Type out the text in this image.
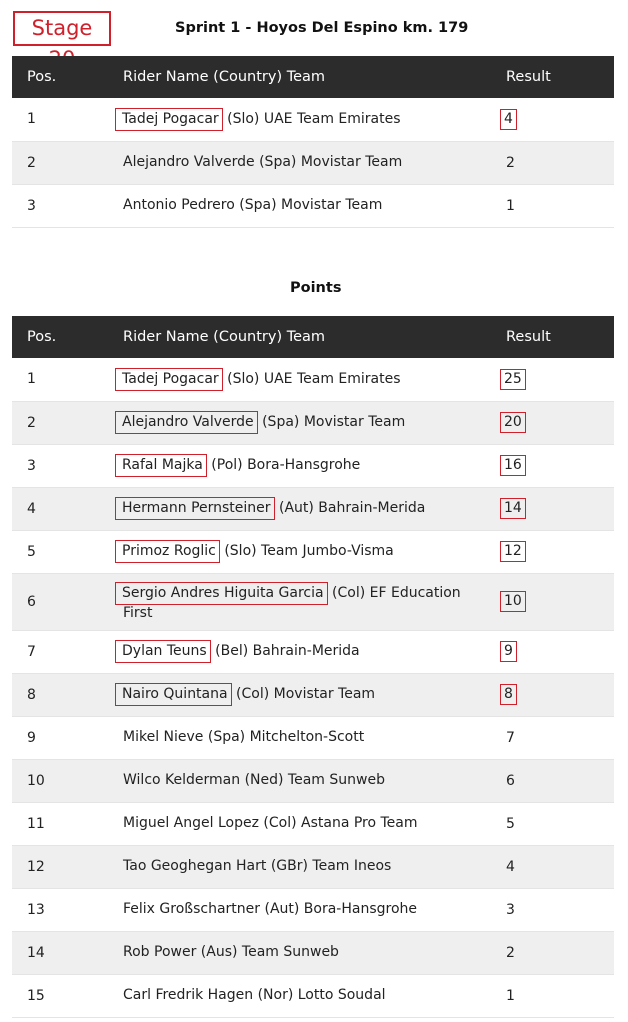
Stage	Sprint 1 - Hoyos Del Espino km. 179
Pos.	Rider Name (Country) Team	Result
1	Tadej Pogacar (Slo) UAE Team Emirates	4
2	Alejandro Valverde (Spa) Movistar Team	2
3	Antonio Pedrero (Spa) Movistar Team	1
Points
Pos.	Rider Name (Country) Team	Result
1	Tadej Pogacar (Slo) UAE Team Emirates	25
2	Alejandro Valverde (Spa) Movistar Team	20
3	Rafal Majka (Pol) Bora-Hansgrohe	16
4	Hermann Pernsteiner (Aut) Bahrain-Merida	14
5	Primoz Roglic (Slo) Team Jumbo-Visma	12
6	Sergio Andres Higuita Garcia (Col) EF Education First	10
7	Dylan Teuns (Bel) Bahrain-Merida	9
8	Nairo Quintana (Col) Movistar Team	8
9	Mikel Nieve (Spa) Mitchelton-Scott	7
10	Wilco Kelderman (Ned) Team Sunweb	6
11	Miguel Angel Lopez (Col) Astana Pro Team	5
12	Tao Geoghegan Hart (GBr) Team Ineos	4
13	Felix Großschartner (Aut) Bora-Hansgrohe	3
14	Rob Power (Aus) Team Sunweb	2
15	Carl Fredrik Hagen (Nor) Lotto Soudal	1
